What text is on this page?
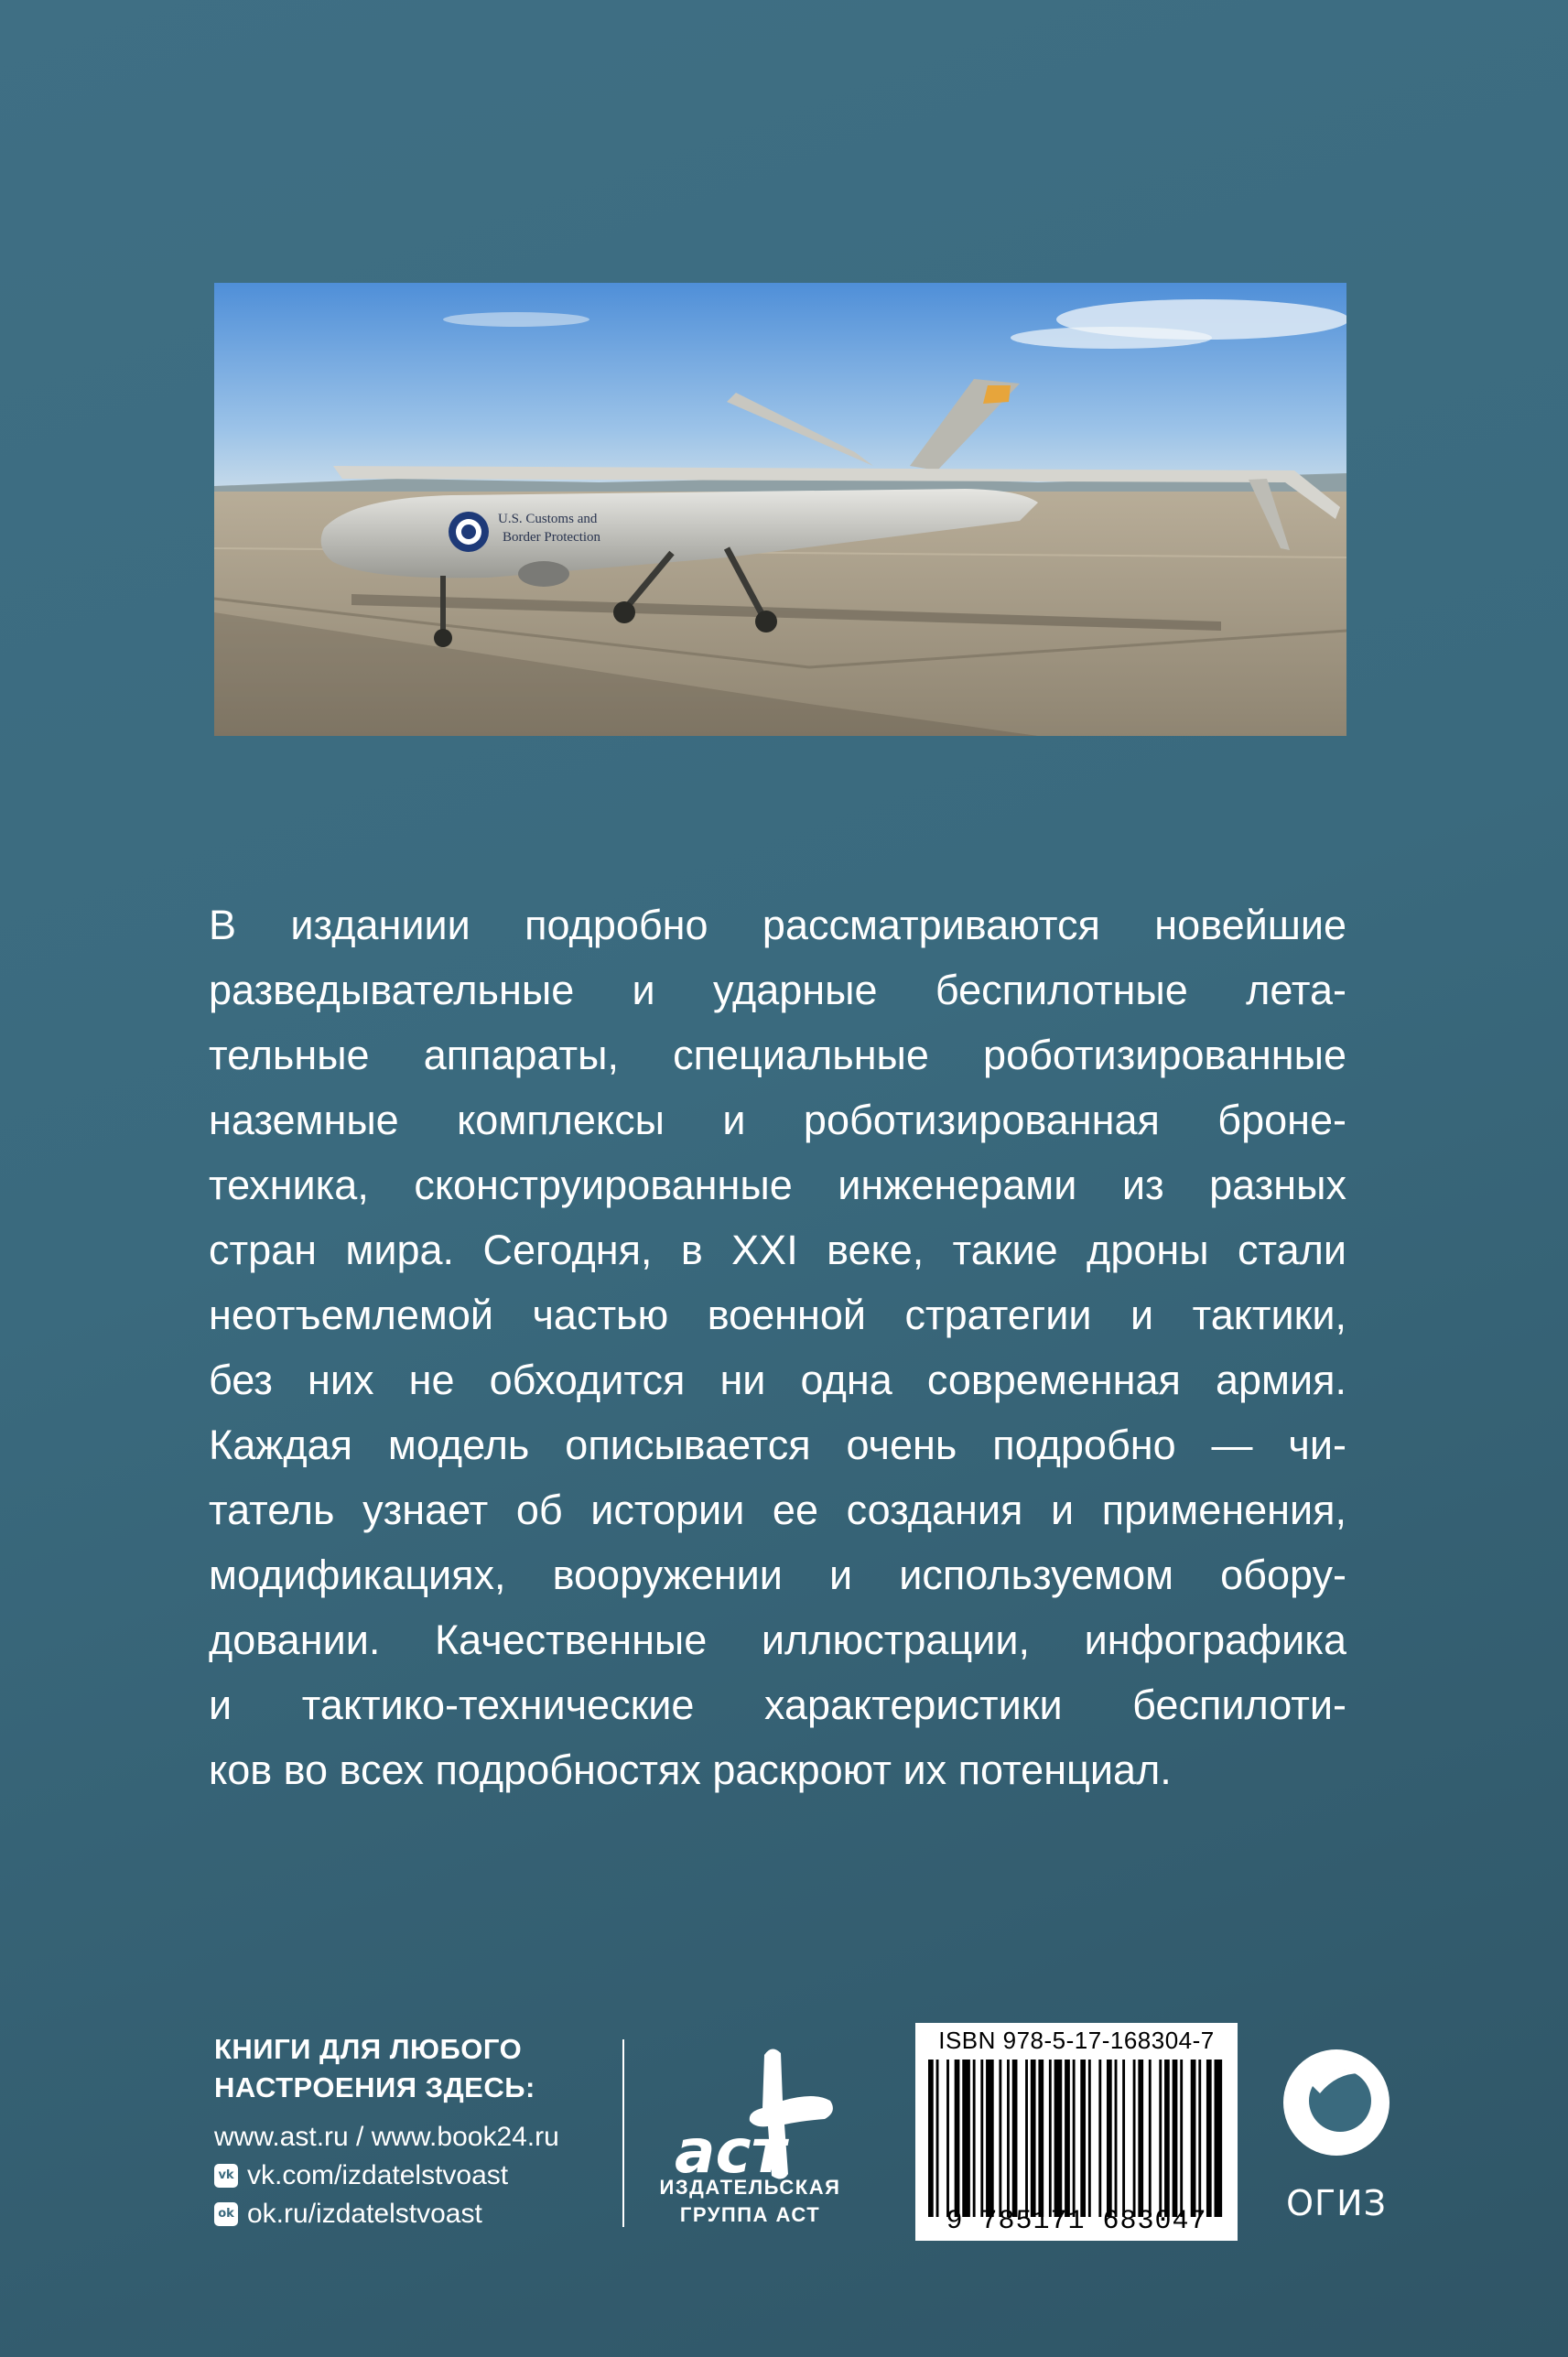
U.S. Customs and
Border Protection
В изданиии подробно рассматриваются новейшие
разведывательные и ударные беспилотные лета-
тельные аппараты, специальные роботизированные
наземные комплексы и роботизированная броне-
техника, сконструированные инженерами из разных
стран мира. Сегодня, в XXI веке, такие дроны стали
неотъемлемой частью военной стратегии и тактики,
без них не обходится ни одна современная армия.
Каждая модель описывается очень подробно — чи-
татель узнает об истории ее создания и применения,
модификациях, вооружении и используемом обору-
довании. Качественные иллюстрации, инфографика
и тактико-технические характеристики беспилоти-
ков во всех подробностях раскроют их потенциал.
КНИГИ ДЛЯ ЛЮБОГО
НАСТРОЕНИЯ ЗДЕСЬ:
www.ast.ru / www.book24.ru
vk vk.com/izdatelstvoast
ok ok.ru/izdatelstvoast
аст
ИЗДАТЕЛЬСКАЯ
ГРУППА АСТ
ISBN 978-5-17-168304-7
9 785171 683047	ОГИЗ
